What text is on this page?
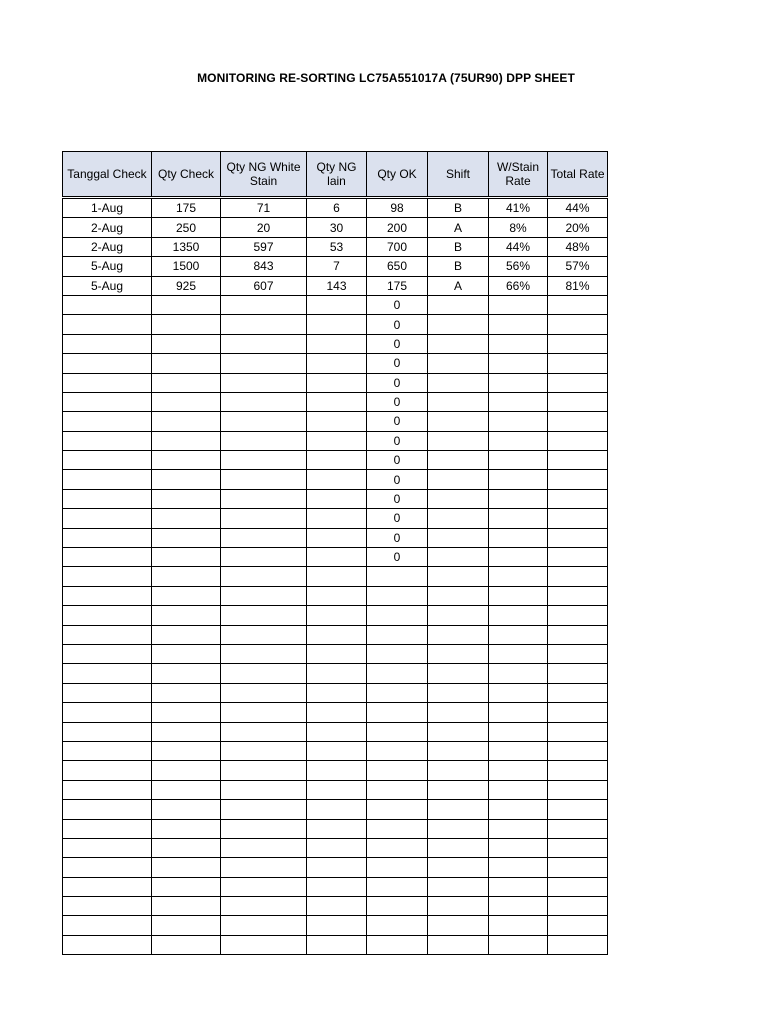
MONITORING RE-SORTING LC75A551017A (75UR90) DPP SHEET
Tanggal Check	Qty Check	Qty NG White Stain	Qty NG lain	Qty OK	Shift	W/Stain Rate	Total Rate
1-Aug	175	71	6	98	B	41%	44%
2-Aug	250	20	30	200	A	8%	20%
2-Aug	1350	597	53	700	B	44%	48%
5-Aug	1500	843	7	650	B	56%	57%
5-Aug	925	607	143	175	A	66%	81%
				0			
				0			
				0			
				0			
				0			
				0			
				0			
				0			
				0			
				0			
				0			
				0			
				0			
				0			
